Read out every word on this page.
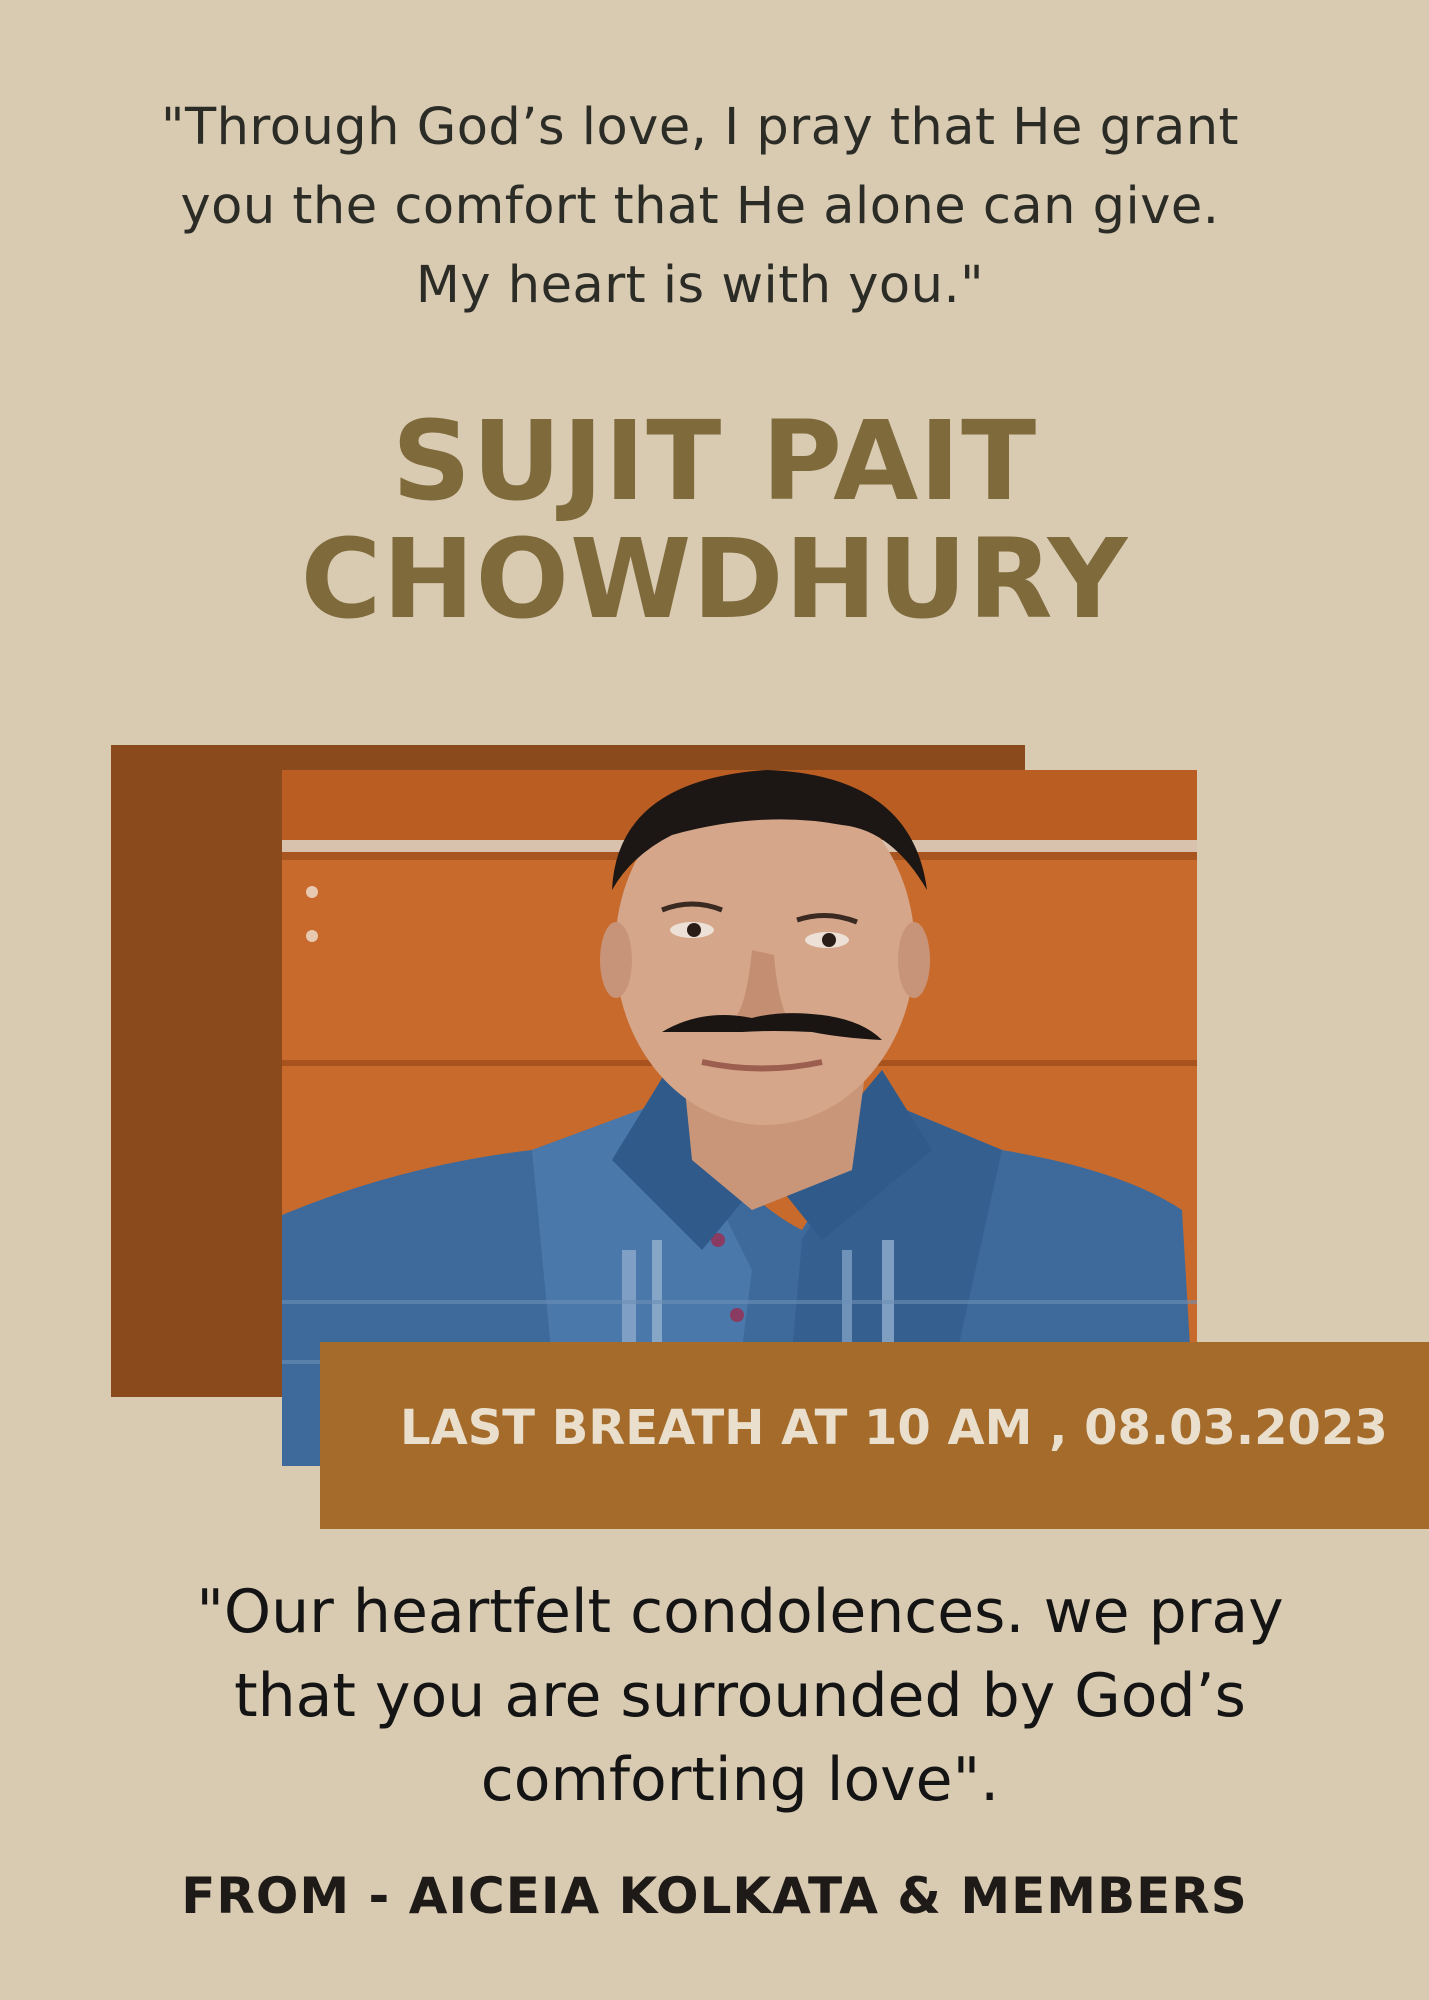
"Through God’s love, I pray that He grant
you the comfort that He alone can give.
My heart is with you."
SUJIT PAIT
CHOWDHURY
LAST BREATH AT 10 AM , 08.03.2023
"Our heartfelt condolences. we pray
that you are surrounded by God’s
comforting love".
FROM - AICEIA KOLKATA & MEMBERS
